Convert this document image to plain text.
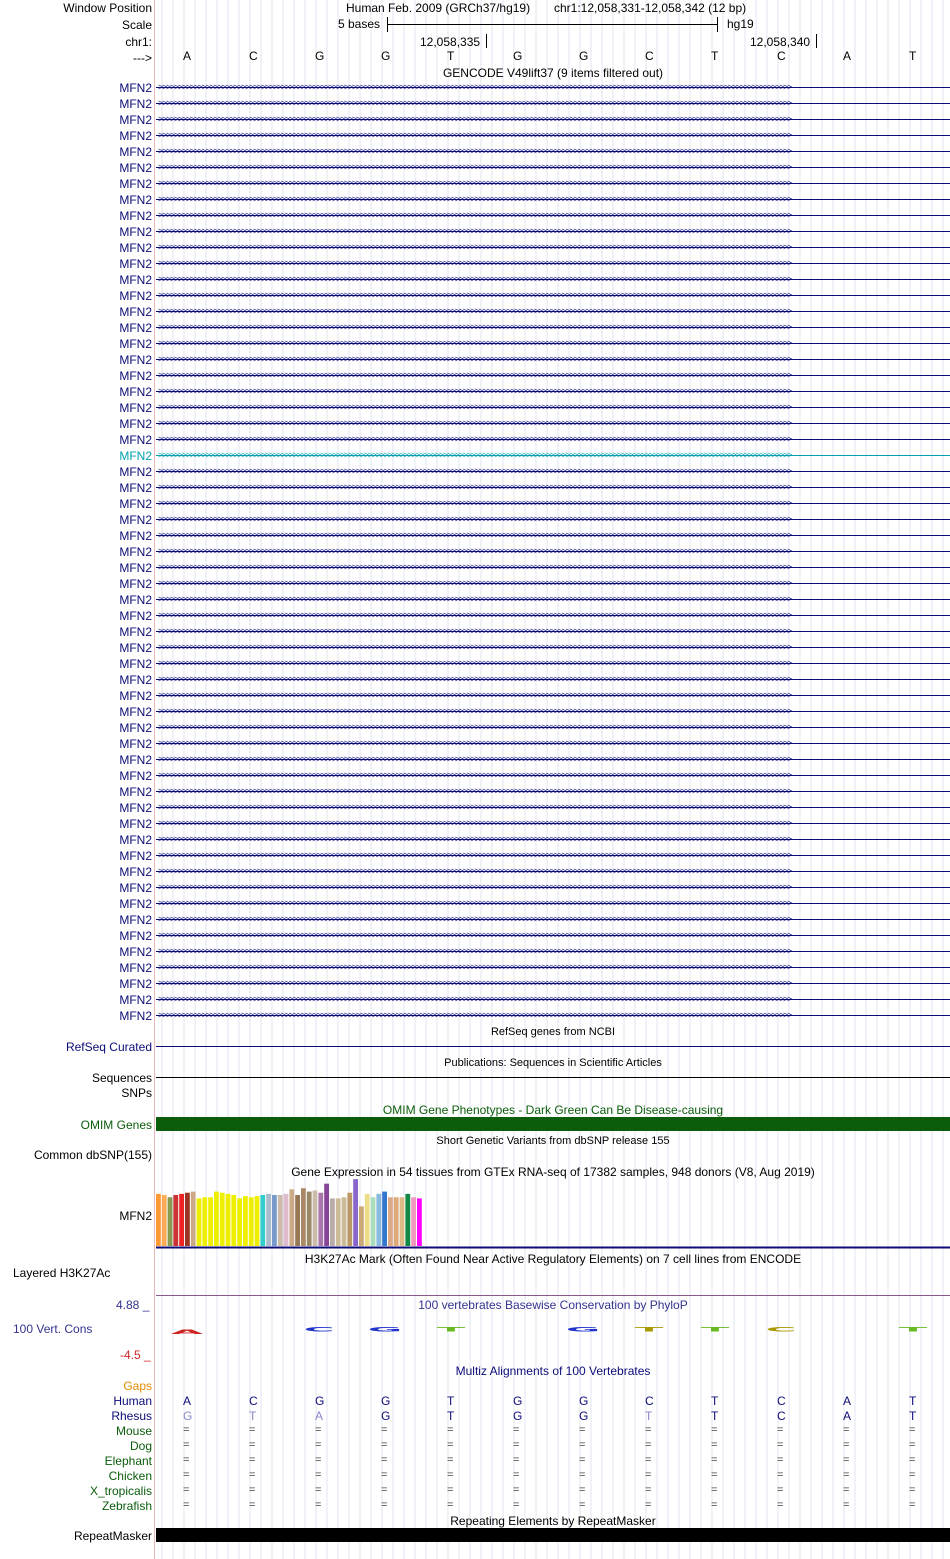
Window Position	Human Feb. 2009 (GRCh37/hg19) chr1:12,058,331-12,058,342 (12 bp)
Scale	5 bases	hg19
chr1:	12,058,335	12,058,340
--->	A	C	G	G	T	G	G	C	T	C	A	T
GENCODE V49lift37 (9 items filtered out)
MFN2 >>>>>>>>>>>>>>>>>>>>>>>>>>>>>>>>>>>>>>>>>>>>>>>>>>>>>>>>>>>>>>>>>>>>>>>>>>>>>>>>>>>>>>>>>>>>>>>>>>>>>>>>>>>>>>>>>>>>>>>>>>>>>>>>>>>>>>>>>>>>>>>>>>>>>>>>>>>>>>>>
MFN2 >>>>>>>>>>>>>>>>>>>>>>>>>>>>>>>>>>>>>>>>>>>>>>>>>>>>>>>>>>>>>>>>>>>>>>>>>>>>>>>>>>>>>>>>>>>>>>>>>>>>>>>>>>>>>>>>>>>>>>>>>>>>>>>>>>>>>>>>>>>>>>>>>>>>>>>>>>>>>>>>
MFN2 >>>>>>>>>>>>>>>>>>>>>>>>>>>>>>>>>>>>>>>>>>>>>>>>>>>>>>>>>>>>>>>>>>>>>>>>>>>>>>>>>>>>>>>>>>>>>>>>>>>>>>>>>>>>>>>>>>>>>>>>>>>>>>>>>>>>>>>>>>>>>>>>>>>>>>>>>>>>>>>>
MFN2 >>>>>>>>>>>>>>>>>>>>>>>>>>>>>>>>>>>>>>>>>>>>>>>>>>>>>>>>>>>>>>>>>>>>>>>>>>>>>>>>>>>>>>>>>>>>>>>>>>>>>>>>>>>>>>>>>>>>>>>>>>>>>>>>>>>>>>>>>>>>>>>>>>>>>>>>>>>>>>>>
MFN2 >>>>>>>>>>>>>>>>>>>>>>>>>>>>>>>>>>>>>>>>>>>>>>>>>>>>>>>>>>>>>>>>>>>>>>>>>>>>>>>>>>>>>>>>>>>>>>>>>>>>>>>>>>>>>>>>>>>>>>>>>>>>>>>>>>>>>>>>>>>>>>>>>>>>>>>>>>>>>>>>
MFN2 >>>>>>>>>>>>>>>>>>>>>>>>>>>>>>>>>>>>>>>>>>>>>>>>>>>>>>>>>>>>>>>>>>>>>>>>>>>>>>>>>>>>>>>>>>>>>>>>>>>>>>>>>>>>>>>>>>>>>>>>>>>>>>>>>>>>>>>>>>>>>>>>>>>>>>>>>>>>>>>>
MFN2 >>>>>>>>>>>>>>>>>>>>>>>>>>>>>>>>>>>>>>>>>>>>>>>>>>>>>>>>>>>>>>>>>>>>>>>>>>>>>>>>>>>>>>>>>>>>>>>>>>>>>>>>>>>>>>>>>>>>>>>>>>>>>>>>>>>>>>>>>>>>>>>>>>>>>>>>>>>>>>>>
MFN2 >>>>>>>>>>>>>>>>>>>>>>>>>>>>>>>>>>>>>>>>>>>>>>>>>>>>>>>>>>>>>>>>>>>>>>>>>>>>>>>>>>>>>>>>>>>>>>>>>>>>>>>>>>>>>>>>>>>>>>>>>>>>>>>>>>>>>>>>>>>>>>>>>>>>>>>>>>>>>>>>
MFN2 >>>>>>>>>>>>>>>>>>>>>>>>>>>>>>>>>>>>>>>>>>>>>>>>>>>>>>>>>>>>>>>>>>>>>>>>>>>>>>>>>>>>>>>>>>>>>>>>>>>>>>>>>>>>>>>>>>>>>>>>>>>>>>>>>>>>>>>>>>>>>>>>>>>>>>>>>>>>>>>>
MFN2 >>>>>>>>>>>>>>>>>>>>>>>>>>>>>>>>>>>>>>>>>>>>>>>>>>>>>>>>>>>>>>>>>>>>>>>>>>>>>>>>>>>>>>>>>>>>>>>>>>>>>>>>>>>>>>>>>>>>>>>>>>>>>>>>>>>>>>>>>>>>>>>>>>>>>>>>>>>>>>>>
MFN2 >>>>>>>>>>>>>>>>>>>>>>>>>>>>>>>>>>>>>>>>>>>>>>>>>>>>>>>>>>>>>>>>>>>>>>>>>>>>>>>>>>>>>>>>>>>>>>>>>>>>>>>>>>>>>>>>>>>>>>>>>>>>>>>>>>>>>>>>>>>>>>>>>>>>>>>>>>>>>>>>
MFN2 >>>>>>>>>>>>>>>>>>>>>>>>>>>>>>>>>>>>>>>>>>>>>>>>>>>>>>>>>>>>>>>>>>>>>>>>>>>>>>>>>>>>>>>>>>>>>>>>>>>>>>>>>>>>>>>>>>>>>>>>>>>>>>>>>>>>>>>>>>>>>>>>>>>>>>>>>>>>>>>>
MFN2 >>>>>>>>>>>>>>>>>>>>>>>>>>>>>>>>>>>>>>>>>>>>>>>>>>>>>>>>>>>>>>>>>>>>>>>>>>>>>>>>>>>>>>>>>>>>>>>>>>>>>>>>>>>>>>>>>>>>>>>>>>>>>>>>>>>>>>>>>>>>>>>>>>>>>>>>>>>>>>>>
MFN2 >>>>>>>>>>>>>>>>>>>>>>>>>>>>>>>>>>>>>>>>>>>>>>>>>>>>>>>>>>>>>>>>>>>>>>>>>>>>>>>>>>>>>>>>>>>>>>>>>>>>>>>>>>>>>>>>>>>>>>>>>>>>>>>>>>>>>>>>>>>>>>>>>>>>>>>>>>>>>>>>
MFN2 >>>>>>>>>>>>>>>>>>>>>>>>>>>>>>>>>>>>>>>>>>>>>>>>>>>>>>>>>>>>>>>>>>>>>>>>>>>>>>>>>>>>>>>>>>>>>>>>>>>>>>>>>>>>>>>>>>>>>>>>>>>>>>>>>>>>>>>>>>>>>>>>>>>>>>>>>>>>>>>>
MFN2 >>>>>>>>>>>>>>>>>>>>>>>>>>>>>>>>>>>>>>>>>>>>>>>>>>>>>>>>>>>>>>>>>>>>>>>>>>>>>>>>>>>>>>>>>>>>>>>>>>>>>>>>>>>>>>>>>>>>>>>>>>>>>>>>>>>>>>>>>>>>>>>>>>>>>>>>>>>>>>>>
MFN2 >>>>>>>>>>>>>>>>>>>>>>>>>>>>>>>>>>>>>>>>>>>>>>>>>>>>>>>>>>>>>>>>>>>>>>>>>>>>>>>>>>>>>>>>>>>>>>>>>>>>>>>>>>>>>>>>>>>>>>>>>>>>>>>>>>>>>>>>>>>>>>>>>>>>>>>>>>>>>>>>
MFN2 >>>>>>>>>>>>>>>>>>>>>>>>>>>>>>>>>>>>>>>>>>>>>>>>>>>>>>>>>>>>>>>>>>>>>>>>>>>>>>>>>>>>>>>>>>>>>>>>>>>>>>>>>>>>>>>>>>>>>>>>>>>>>>>>>>>>>>>>>>>>>>>>>>>>>>>>>>>>>>>>
MFN2 >>>>>>>>>>>>>>>>>>>>>>>>>>>>>>>>>>>>>>>>>>>>>>>>>>>>>>>>>>>>>>>>>>>>>>>>>>>>>>>>>>>>>>>>>>>>>>>>>>>>>>>>>>>>>>>>>>>>>>>>>>>>>>>>>>>>>>>>>>>>>>>>>>>>>>>>>>>>>>>>
MFN2 >>>>>>>>>>>>>>>>>>>>>>>>>>>>>>>>>>>>>>>>>>>>>>>>>>>>>>>>>>>>>>>>>>>>>>>>>>>>>>>>>>>>>>>>>>>>>>>>>>>>>>>>>>>>>>>>>>>>>>>>>>>>>>>>>>>>>>>>>>>>>>>>>>>>>>>>>>>>>>>>
MFN2 >>>>>>>>>>>>>>>>>>>>>>>>>>>>>>>>>>>>>>>>>>>>>>>>>>>>>>>>>>>>>>>>>>>>>>>>>>>>>>>>>>>>>>>>>>>>>>>>>>>>>>>>>>>>>>>>>>>>>>>>>>>>>>>>>>>>>>>>>>>>>>>>>>>>>>>>>>>>>>>>
MFN2 >>>>>>>>>>>>>>>>>>>>>>>>>>>>>>>>>>>>>>>>>>>>>>>>>>>>>>>>>>>>>>>>>>>>>>>>>>>>>>>>>>>>>>>>>>>>>>>>>>>>>>>>>>>>>>>>>>>>>>>>>>>>>>>>>>>>>>>>>>>>>>>>>>>>>>>>>>>>>>>>
MFN2 >>>>>>>>>>>>>>>>>>>>>>>>>>>>>>>>>>>>>>>>>>>>>>>>>>>>>>>>>>>>>>>>>>>>>>>>>>>>>>>>>>>>>>>>>>>>>>>>>>>>>>>>>>>>>>>>>>>>>>>>>>>>>>>>>>>>>>>>>>>>>>>>>>>>>>>>>>>>>>>>
MFN2 >>>>>>>>>>>>>>>>>>>>>>>>>>>>>>>>>>>>>>>>>>>>>>>>>>>>>>>>>>>>>>>>>>>>>>>>>>>>>>>>>>>>>>>>>>>>>>>>>>>>>>>>>>>>>>>>>>>>>>>>>>>>>>>>>>>>>>>>>>>>>>>>>>>>>>>>>>>>>>>>
MFN2 >>>>>>>>>>>>>>>>>>>>>>>>>>>>>>>>>>>>>>>>>>>>>>>>>>>>>>>>>>>>>>>>>>>>>>>>>>>>>>>>>>>>>>>>>>>>>>>>>>>>>>>>>>>>>>>>>>>>>>>>>>>>>>>>>>>>>>>>>>>>>>>>>>>>>>>>>>>>>>>>
MFN2 >>>>>>>>>>>>>>>>>>>>>>>>>>>>>>>>>>>>>>>>>>>>>>>>>>>>>>>>>>>>>>>>>>>>>>>>>>>>>>>>>>>>>>>>>>>>>>>>>>>>>>>>>>>>>>>>>>>>>>>>>>>>>>>>>>>>>>>>>>>>>>>>>>>>>>>>>>>>>>>>
MFN2 >>>>>>>>>>>>>>>>>>>>>>>>>>>>>>>>>>>>>>>>>>>>>>>>>>>>>>>>>>>>>>>>>>>>>>>>>>>>>>>>>>>>>>>>>>>>>>>>>>>>>>>>>>>>>>>>>>>>>>>>>>>>>>>>>>>>>>>>>>>>>>>>>>>>>>>>>>>>>>>>
MFN2 >>>>>>>>>>>>>>>>>>>>>>>>>>>>>>>>>>>>>>>>>>>>>>>>>>>>>>>>>>>>>>>>>>>>>>>>>>>>>>>>>>>>>>>>>>>>>>>>>>>>>>>>>>>>>>>>>>>>>>>>>>>>>>>>>>>>>>>>>>>>>>>>>>>>>>>>>>>>>>>>
MFN2 >>>>>>>>>>>>>>>>>>>>>>>>>>>>>>>>>>>>>>>>>>>>>>>>>>>>>>>>>>>>>>>>>>>>>>>>>>>>>>>>>>>>>>>>>>>>>>>>>>>>>>>>>>>>>>>>>>>>>>>>>>>>>>>>>>>>>>>>>>>>>>>>>>>>>>>>>>>>>>>>
MFN2 >>>>>>>>>>>>>>>>>>>>>>>>>>>>>>>>>>>>>>>>>>>>>>>>>>>>>>>>>>>>>>>>>>>>>>>>>>>>>>>>>>>>>>>>>>>>>>>>>>>>>>>>>>>>>>>>>>>>>>>>>>>>>>>>>>>>>>>>>>>>>>>>>>>>>>>>>>>>>>>>
MFN2 >>>>>>>>>>>>>>>>>>>>>>>>>>>>>>>>>>>>>>>>>>>>>>>>>>>>>>>>>>>>>>>>>>>>>>>>>>>>>>>>>>>>>>>>>>>>>>>>>>>>>>>>>>>>>>>>>>>>>>>>>>>>>>>>>>>>>>>>>>>>>>>>>>>>>>>>>>>>>>>>
MFN2 >>>>>>>>>>>>>>>>>>>>>>>>>>>>>>>>>>>>>>>>>>>>>>>>>>>>>>>>>>>>>>>>>>>>>>>>>>>>>>>>>>>>>>>>>>>>>>>>>>>>>>>>>>>>>>>>>>>>>>>>>>>>>>>>>>>>>>>>>>>>>>>>>>>>>>>>>>>>>>>>
MFN2 >>>>>>>>>>>>>>>>>>>>>>>>>>>>>>>>>>>>>>>>>>>>>>>>>>>>>>>>>>>>>>>>>>>>>>>>>>>>>>>>>>>>>>>>>>>>>>>>>>>>>>>>>>>>>>>>>>>>>>>>>>>>>>>>>>>>>>>>>>>>>>>>>>>>>>>>>>>>>>>>
MFN2 >>>>>>>>>>>>>>>>>>>>>>>>>>>>>>>>>>>>>>>>>>>>>>>>>>>>>>>>>>>>>>>>>>>>>>>>>>>>>>>>>>>>>>>>>>>>>>>>>>>>>>>>>>>>>>>>>>>>>>>>>>>>>>>>>>>>>>>>>>>>>>>>>>>>>>>>>>>>>>>>
MFN2 >>>>>>>>>>>>>>>>>>>>>>>>>>>>>>>>>>>>>>>>>>>>>>>>>>>>>>>>>>>>>>>>>>>>>>>>>>>>>>>>>>>>>>>>>>>>>>>>>>>>>>>>>>>>>>>>>>>>>>>>>>>>>>>>>>>>>>>>>>>>>>>>>>>>>>>>>>>>>>>>
MFN2 >>>>>>>>>>>>>>>>>>>>>>>>>>>>>>>>>>>>>>>>>>>>>>>>>>>>>>>>>>>>>>>>>>>>>>>>>>>>>>>>>>>>>>>>>>>>>>>>>>>>>>>>>>>>>>>>>>>>>>>>>>>>>>>>>>>>>>>>>>>>>>>>>>>>>>>>>>>>>>>>
MFN2 >>>>>>>>>>>>>>>>>>>>>>>>>>>>>>>>>>>>>>>>>>>>>>>>>>>>>>>>>>>>>>>>>>>>>>>>>>>>>>>>>>>>>>>>>>>>>>>>>>>>>>>>>>>>>>>>>>>>>>>>>>>>>>>>>>>>>>>>>>>>>>>>>>>>>>>>>>>>>>>>
MFN2 >>>>>>>>>>>>>>>>>>>>>>>>>>>>>>>>>>>>>>>>>>>>>>>>>>>>>>>>>>>>>>>>>>>>>>>>>>>>>>>>>>>>>>>>>>>>>>>>>>>>>>>>>>>>>>>>>>>>>>>>>>>>>>>>>>>>>>>>>>>>>>>>>>>>>>>>>>>>>>>>
MFN2 >>>>>>>>>>>>>>>>>>>>>>>>>>>>>>>>>>>>>>>>>>>>>>>>>>>>>>>>>>>>>>>>>>>>>>>>>>>>>>>>>>>>>>>>>>>>>>>>>>>>>>>>>>>>>>>>>>>>>>>>>>>>>>>>>>>>>>>>>>>>>>>>>>>>>>>>>>>>>>>>
MFN2 >>>>>>>>>>>>>>>>>>>>>>>>>>>>>>>>>>>>>>>>>>>>>>>>>>>>>>>>>>>>>>>>>>>>>>>>>>>>>>>>>>>>>>>>>>>>>>>>>>>>>>>>>>>>>>>>>>>>>>>>>>>>>>>>>>>>>>>>>>>>>>>>>>>>>>>>>>>>>>>>
MFN2 >>>>>>>>>>>>>>>>>>>>>>>>>>>>>>>>>>>>>>>>>>>>>>>>>>>>>>>>>>>>>>>>>>>>>>>>>>>>>>>>>>>>>>>>>>>>>>>>>>>>>>>>>>>>>>>>>>>>>>>>>>>>>>>>>>>>>>>>>>>>>>>>>>>>>>>>>>>>>>>>
MFN2 >>>>>>>>>>>>>>>>>>>>>>>>>>>>>>>>>>>>>>>>>>>>>>>>>>>>>>>>>>>>>>>>>>>>>>>>>>>>>>>>>>>>>>>>>>>>>>>>>>>>>>>>>>>>>>>>>>>>>>>>>>>>>>>>>>>>>>>>>>>>>>>>>>>>>>>>>>>>>>>>
MFN2 >>>>>>>>>>>>>>>>>>>>>>>>>>>>>>>>>>>>>>>>>>>>>>>>>>>>>>>>>>>>>>>>>>>>>>>>>>>>>>>>>>>>>>>>>>>>>>>>>>>>>>>>>>>>>>>>>>>>>>>>>>>>>>>>>>>>>>>>>>>>>>>>>>>>>>>>>>>>>>>>
MFN2 >>>>>>>>>>>>>>>>>>>>>>>>>>>>>>>>>>>>>>>>>>>>>>>>>>>>>>>>>>>>>>>>>>>>>>>>>>>>>>>>>>>>>>>>>>>>>>>>>>>>>>>>>>>>>>>>>>>>>>>>>>>>>>>>>>>>>>>>>>>>>>>>>>>>>>>>>>>>>>>>
MFN2 >>>>>>>>>>>>>>>>>>>>>>>>>>>>>>>>>>>>>>>>>>>>>>>>>>>>>>>>>>>>>>>>>>>>>>>>>>>>>>>>>>>>>>>>>>>>>>>>>>>>>>>>>>>>>>>>>>>>>>>>>>>>>>>>>>>>>>>>>>>>>>>>>>>>>>>>>>>>>>>>
MFN2 >>>>>>>>>>>>>>>>>>>>>>>>>>>>>>>>>>>>>>>>>>>>>>>>>>>>>>>>>>>>>>>>>>>>>>>>>>>>>>>>>>>>>>>>>>>>>>>>>>>>>>>>>>>>>>>>>>>>>>>>>>>>>>>>>>>>>>>>>>>>>>>>>>>>>>>>>>>>>>>>
MFN2 >>>>>>>>>>>>>>>>>>>>>>>>>>>>>>>>>>>>>>>>>>>>>>>>>>>>>>>>>>>>>>>>>>>>>>>>>>>>>>>>>>>>>>>>>>>>>>>>>>>>>>>>>>>>>>>>>>>>>>>>>>>>>>>>>>>>>>>>>>>>>>>>>>>>>>>>>>>>>>>>
MFN2 >>>>>>>>>>>>>>>>>>>>>>>>>>>>>>>>>>>>>>>>>>>>>>>>>>>>>>>>>>>>>>>>>>>>>>>>>>>>>>>>>>>>>>>>>>>>>>>>>>>>>>>>>>>>>>>>>>>>>>>>>>>>>>>>>>>>>>>>>>>>>>>>>>>>>>>>>>>>>>>>
MFN2 >>>>>>>>>>>>>>>>>>>>>>>>>>>>>>>>>>>>>>>>>>>>>>>>>>>>>>>>>>>>>>>>>>>>>>>>>>>>>>>>>>>>>>>>>>>>>>>>>>>>>>>>>>>>>>>>>>>>>>>>>>>>>>>>>>>>>>>>>>>>>>>>>>>>>>>>>>>>>>>>
MFN2 >>>>>>>>>>>>>>>>>>>>>>>>>>>>>>>>>>>>>>>>>>>>>>>>>>>>>>>>>>>>>>>>>>>>>>>>>>>>>>>>>>>>>>>>>>>>>>>>>>>>>>>>>>>>>>>>>>>>>>>>>>>>>>>>>>>>>>>>>>>>>>>>>>>>>>>>>>>>>>>>
MFN2 >>>>>>>>>>>>>>>>>>>>>>>>>>>>>>>>>>>>>>>>>>>>>>>>>>>>>>>>>>>>>>>>>>>>>>>>>>>>>>>>>>>>>>>>>>>>>>>>>>>>>>>>>>>>>>>>>>>>>>>>>>>>>>>>>>>>>>>>>>>>>>>>>>>>>>>>>>>>>>>>
MFN2 >>>>>>>>>>>>>>>>>>>>>>>>>>>>>>>>>>>>>>>>>>>>>>>>>>>>>>>>>>>>>>>>>>>>>>>>>>>>>>>>>>>>>>>>>>>>>>>>>>>>>>>>>>>>>>>>>>>>>>>>>>>>>>>>>>>>>>>>>>>>>>>>>>>>>>>>>>>>>>>>
MFN2 >>>>>>>>>>>>>>>>>>>>>>>>>>>>>>>>>>>>>>>>>>>>>>>>>>>>>>>>>>>>>>>>>>>>>>>>>>>>>>>>>>>>>>>>>>>>>>>>>>>>>>>>>>>>>>>>>>>>>>>>>>>>>>>>>>>>>>>>>>>>>>>>>>>>>>>>>>>>>>>>
MFN2 >>>>>>>>>>>>>>>>>>>>>>>>>>>>>>>>>>>>>>>>>>>>>>>>>>>>>>>>>>>>>>>>>>>>>>>>>>>>>>>>>>>>>>>>>>>>>>>>>>>>>>>>>>>>>>>>>>>>>>>>>>>>>>>>>>>>>>>>>>>>>>>>>>>>>>>>>>>>>>>>
MFN2 >>>>>>>>>>>>>>>>>>>>>>>>>>>>>>>>>>>>>>>>>>>>>>>>>>>>>>>>>>>>>>>>>>>>>>>>>>>>>>>>>>>>>>>>>>>>>>>>>>>>>>>>>>>>>>>>>>>>>>>>>>>>>>>>>>>>>>>>>>>>>>>>>>>>>>>>>>>>>>>>
MFN2 >>>>>>>>>>>>>>>>>>>>>>>>>>>>>>>>>>>>>>>>>>>>>>>>>>>>>>>>>>>>>>>>>>>>>>>>>>>>>>>>>>>>>>>>>>>>>>>>>>>>>>>>>>>>>>>>>>>>>>>>>>>>>>>>>>>>>>>>>>>>>>>>>>>>>>>>>>>>>>>>
MFN2 >>>>>>>>>>>>>>>>>>>>>>>>>>>>>>>>>>>>>>>>>>>>>>>>>>>>>>>>>>>>>>>>>>>>>>>>>>>>>>>>>>>>>>>>>>>>>>>>>>>>>>>>>>>>>>>>>>>>>>>>>>>>>>>>>>>>>>>>>>>>>>>>>>>>>>>>>>>>>>>>
MFN2 >>>>>>>>>>>>>>>>>>>>>>>>>>>>>>>>>>>>>>>>>>>>>>>>>>>>>>>>>>>>>>>>>>>>>>>>>>>>>>>>>>>>>>>>>>>>>>>>>>>>>>>>>>>>>>>>>>>>>>>>>>>>>>>>>>>>>>>>>>>>>>>>>>>>>>>>>>>>>>>>
MFN2 >>>>>>>>>>>>>>>>>>>>>>>>>>>>>>>>>>>>>>>>>>>>>>>>>>>>>>>>>>>>>>>>>>>>>>>>>>>>>>>>>>>>>>>>>>>>>>>>>>>>>>>>>>>>>>>>>>>>>>>>>>>>>>>>>>>>>>>>>>>>>>>>>>>>>>>>>>>>>>>>
RefSeq genes from NCBI
RefSeq Curated
Publications: Sequences in Scientific Articles
Sequences
SNPs
OMIM Gene Phenotypes - Dark Green Can Be Disease-causing
OMIM Genes
Short Genetic Variants from dbSNP release 155
Common dbSNP(155)
Gene Expression in 54 tissues from GTEx RNA-seq of 17382 samples, 948 donors (V8, Aug 2019)
MFN2
H3K27Ac Mark (Often Found Near Active Regulatory Elements) on 7 cell lines from ENCODE
Layered H3K27Ac
100 vertebrates Basewise Conservation by PhyloP
4.88 _
100 Vert. Cons
-4.5 _
A	C G T	G T	T	C	T
Multiz Alignments of 100 Vertebrates
Gaps
Human	A	C	G	G	T	G	G	C	T	C	A	T
Rhesus	G	T	A	G	T	G	G	T	T	C	A	T
Mouse	=	=	=	=	=	=	=	=	=	=	=	=
Dog	=	=	=	=	=	=	=	=	=	=	=	=
Elephant	=	=	=	=	=	=	=	=	=	=	=	=
Chicken	=	=	=	=	=	=	=	=	=	=	=	=
X_tropicalis	=	=	=	=	=	=	=	=	=	=	=	=
Zebrafish	=	=	=	=	=	=	=	=	=	=	=	=
Repeating Elements by RepeatMasker
RepeatMasker
